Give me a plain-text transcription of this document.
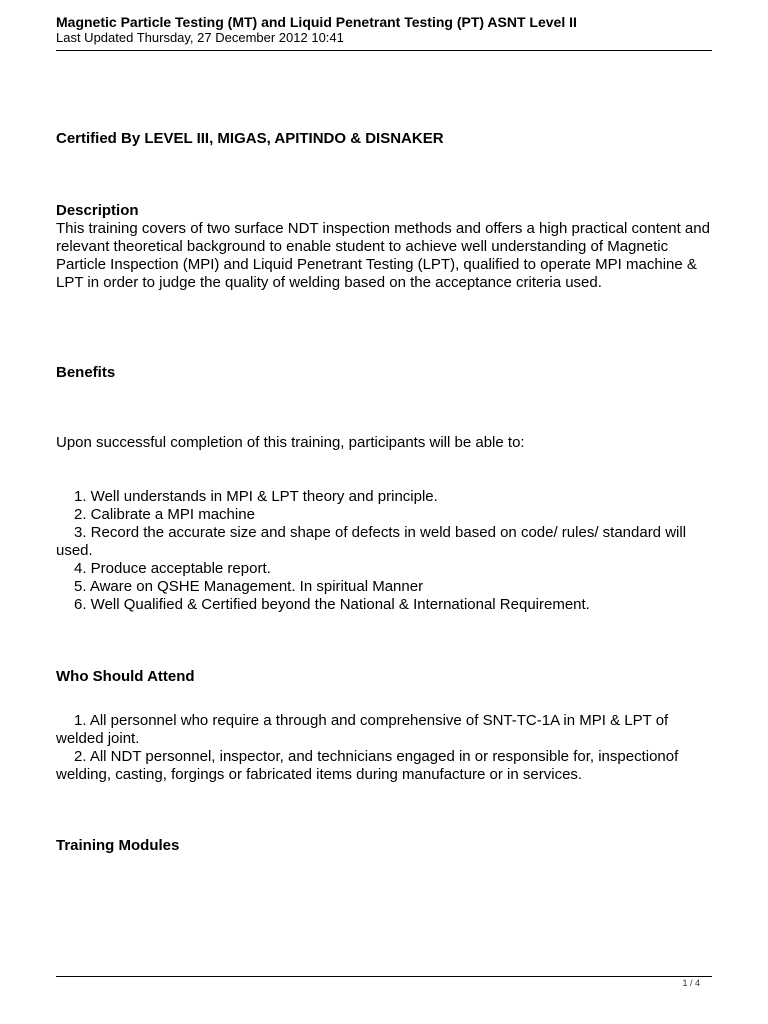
Magnetic Particle Testing (MT) and Liquid Penetrant Testing (PT) ASNT Level II
Last Updated Thursday, 27 December 2012 10:41

Certified By LEVEL III, MIGAS, APITINDO & DISNAKER

Description

This training covers of two surface NDT inspection methods and offers a high practical content and relevant theoretical background to enable student to achieve well understanding of Magnetic Particle Inspection (MPI) and Liquid Penetrant Testing (LPT), qualified to operate MPI machine & LPT in order to judge the quality of welding based on the acceptance criteria used.

Benefits

Upon successful completion of this training, participants will be able to:

1. Well understands in MPI & LPT theory and principle.

2. Calibrate a MPI machine

3. Record the accurate size and shape of defects in weld based on code/ rules/ standard will used.

4. Produce acceptable report.

5. Aware on QSHE Management. In spiritual Manner

6. Well Qualified & Certified beyond the National & International Requirement.

Who Should Attend

1. All personnel who require a through and comprehensive of SNT-TC-1A in MPI & LPT of welded joint.

2. All NDT personnel, inspector, and technicians engaged in or responsible for, inspectionof welding, casting, forgings or fabricated items during manufacture or in services.

Training Modules

1 / 4
